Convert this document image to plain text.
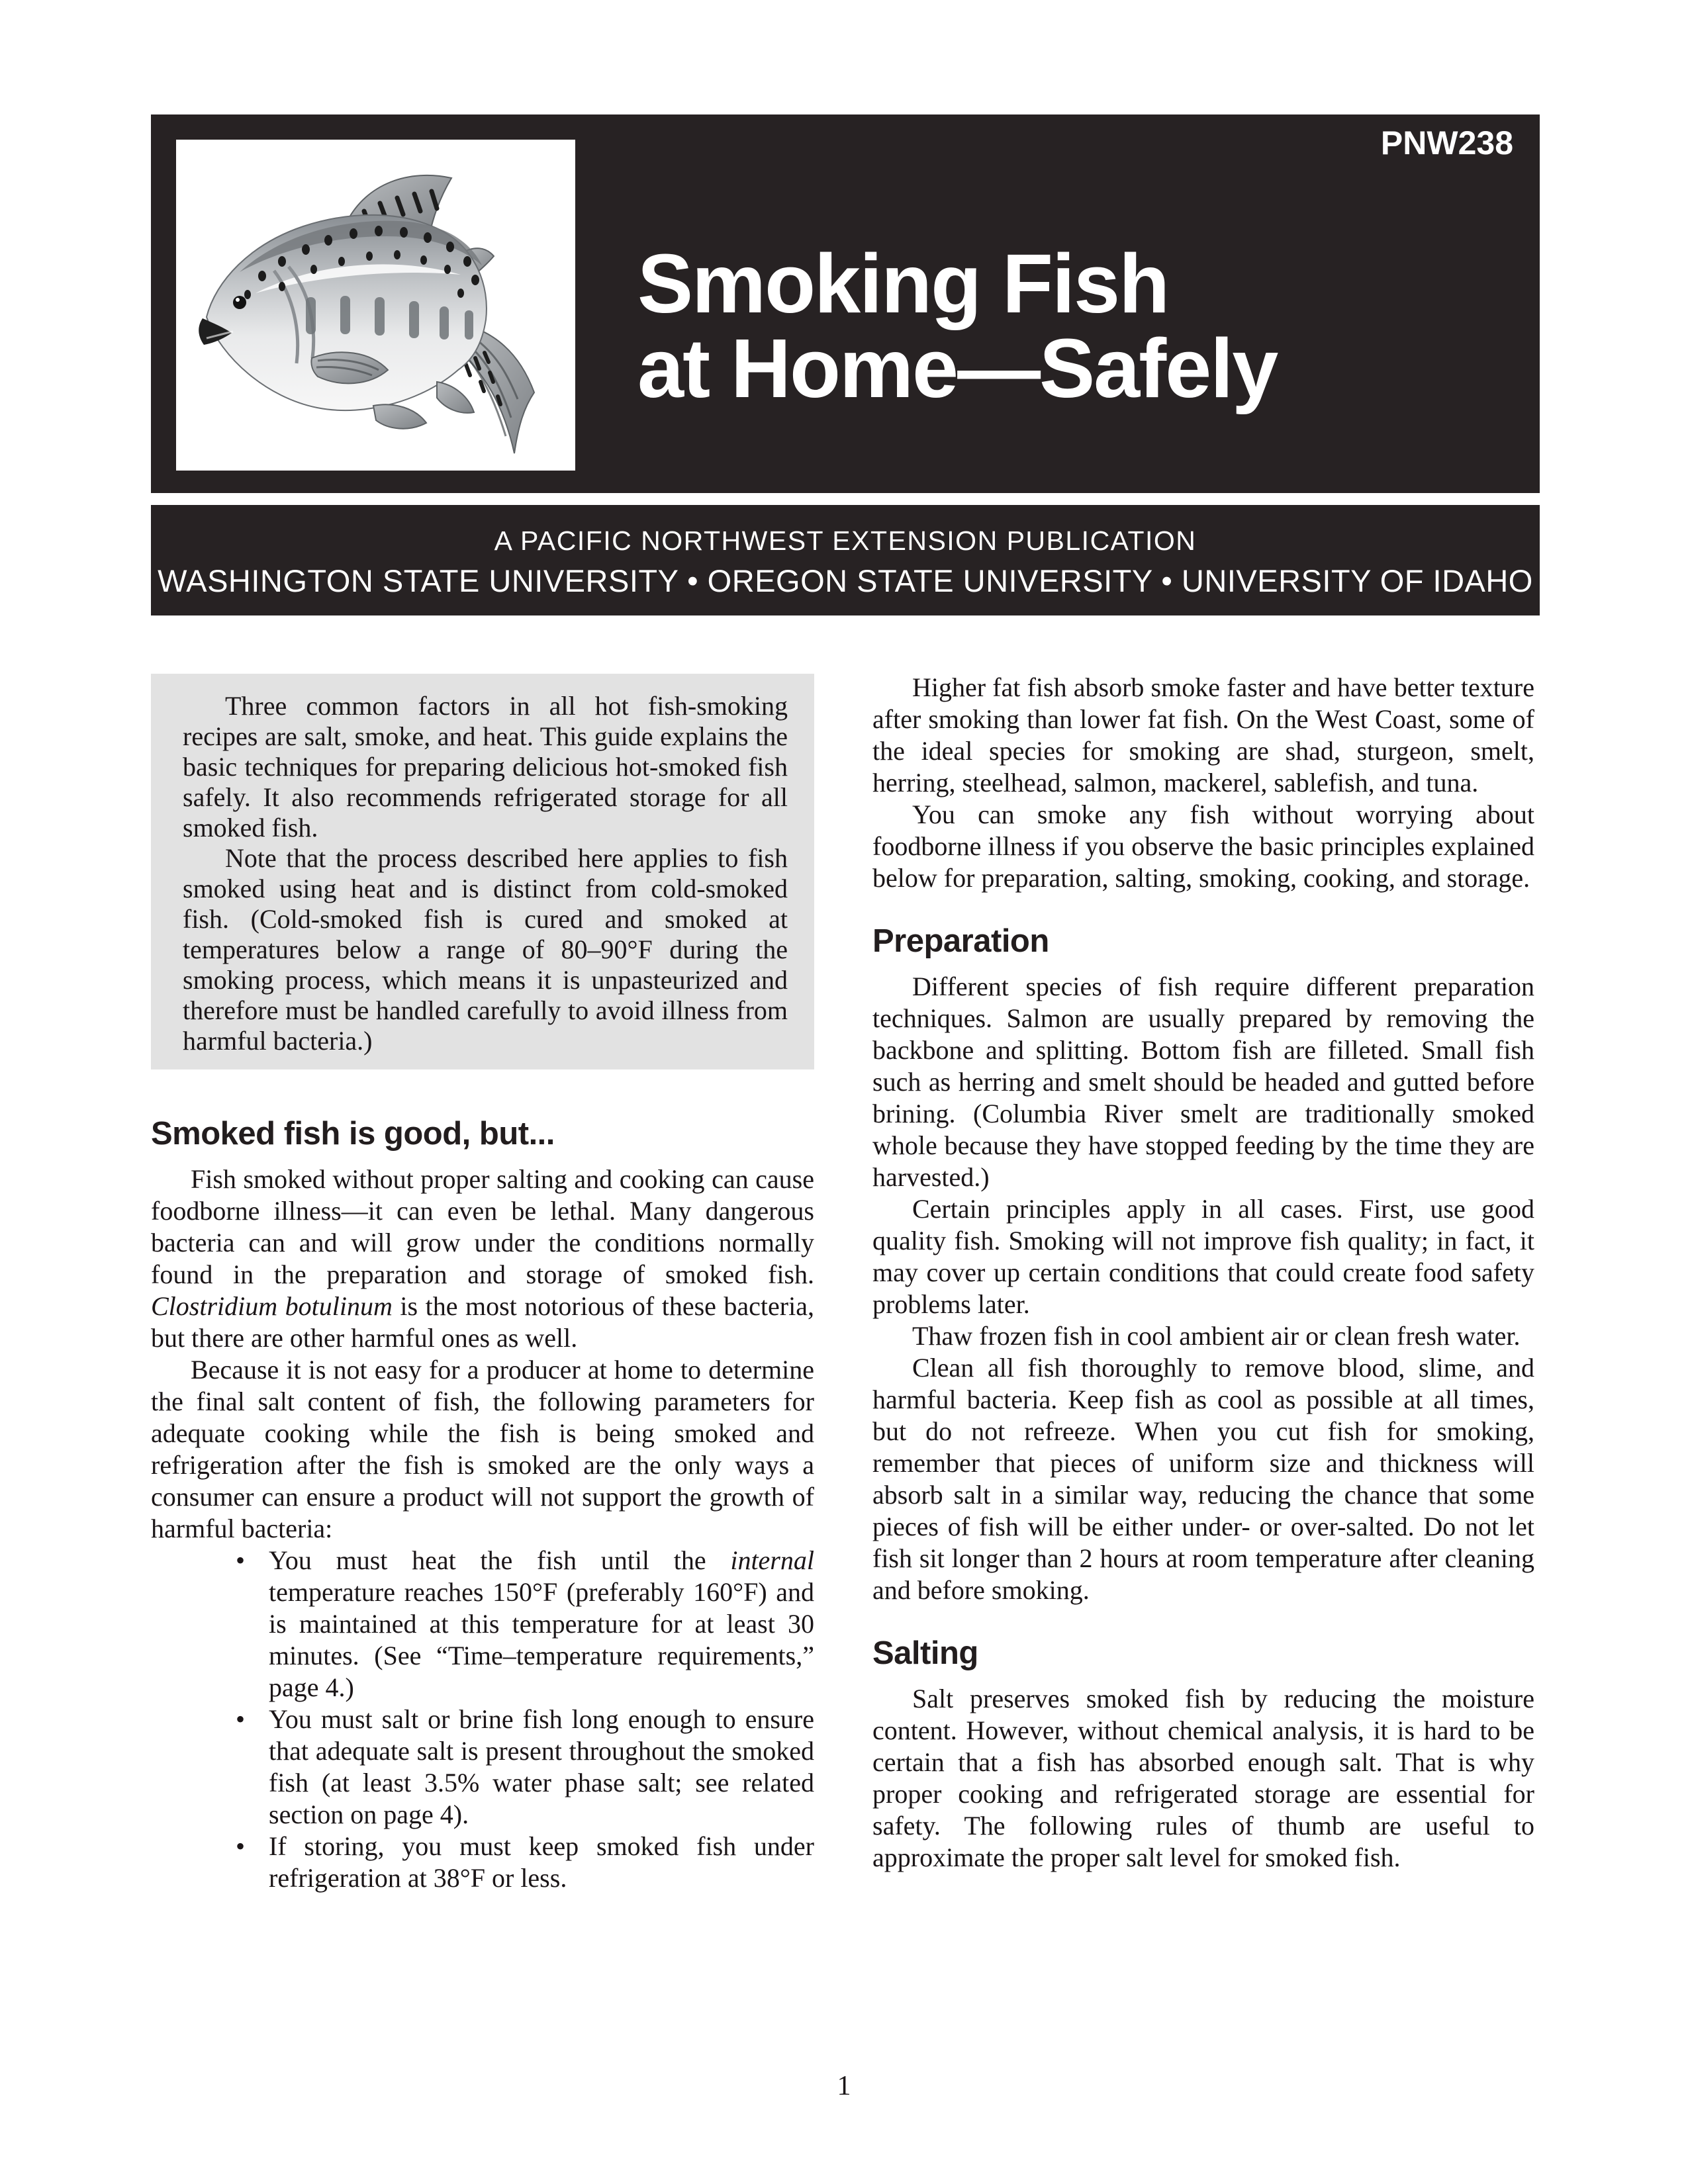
PNW238
Smoking Fish
at Home—Safely

A PACIFIC NORTHWEST EXTENSION PUBLICATION

WASHINGTON STATE UNIVERSITY • OREGON STATE UNIVERSITY • UNIVERSITY OF IDAHO

Three common factors in all hot fish-smoking recipes are salt, smoke, and heat. This guide explains the basic techniques for preparing delicious hot-smoked fish safely. It also recommends refrigerated storage for all smoked fish.

Note that the process described here applies to fish smoked using heat and is distinct from cold-smoked fish. (Cold-smoked fish is cured and smoked at temperatures below a range of 80–90°F during the smoking process, which means it is unpasteurized and therefore must be handled carefully to avoid illness from harmful bacteria.)

Smoked fish is good, but...

Fish smoked without proper salting and cooking can cause foodborne illness—it can even be lethal. Many dangerous bacteria can and will grow under the conditions normally found in the preparation and storage of smoked fish. Clostridium botulinum is the most notorious of these bacteria, but there are other harmful ones as well.

Because it is not easy for a producer at home to determine the final salt content of fish, the following parameters for adequate cooking while the fish is being smoked and refrigeration after the fish is smoked are the only ways a consumer can ensure a product will not support the growth of harmful bacteria:

• You must heat the fish until the internal temperature reaches 150°F (preferably 160°F) and is maintained at this temperature for at least 30 minutes. (See “Time–temperature requirements,” page 4.)
• You must salt or brine fish long enough to ensure that adequate salt is present throughout the smoked fish (at least 3.5% water phase salt; see related section on page 4).
• If storing, you must keep smoked fish under refrigeration at 38°F or less.

Higher fat fish absorb smoke faster and have better texture after smoking than lower fat fish. On the West Coast, some of the ideal species for smoking are shad, sturgeon, smelt, herring, steelhead, salmon, mackerel, sablefish, and tuna.

You can smoke any fish without worrying about foodborne illness if you observe the basic principles explained below for preparation, salting, smoking, cooking, and storage.

Preparation

Different species of fish require different preparation techniques. Salmon are usually prepared by removing the backbone and splitting. Bottom fish are filleted. Small fish such as herring and smelt should be headed and gutted before brining. (Columbia River smelt are traditionally smoked whole because they have stopped feeding by the time they are harvested.)

Certain principles apply in all cases. First, use good quality fish. Smoking will not improve fish quality; in fact, it may cover up certain conditions that could create food safety problems later.

Thaw frozen fish in cool ambient air or clean fresh water.

Clean all fish thoroughly to remove blood, slime, and harmful bacteria. Keep fish as cool as possible at all times, but do not refreeze. When you cut fish for smoking, remember that pieces of uniform size and thickness will absorb salt in a similar way, reducing the chance that some pieces of fish will be either under- or over-salted. Do not let fish sit longer than 2 hours at room temperature after cleaning and before smoking.

Salting

Salt preserves smoked fish by reducing the moisture content. However, without chemical analysis, it is hard to be certain that a fish has absorbed enough salt. That is why proper cooking and refrigerated storage are essential for safety. The following rules of thumb are useful to approximate the proper salt level for smoked fish.

1
